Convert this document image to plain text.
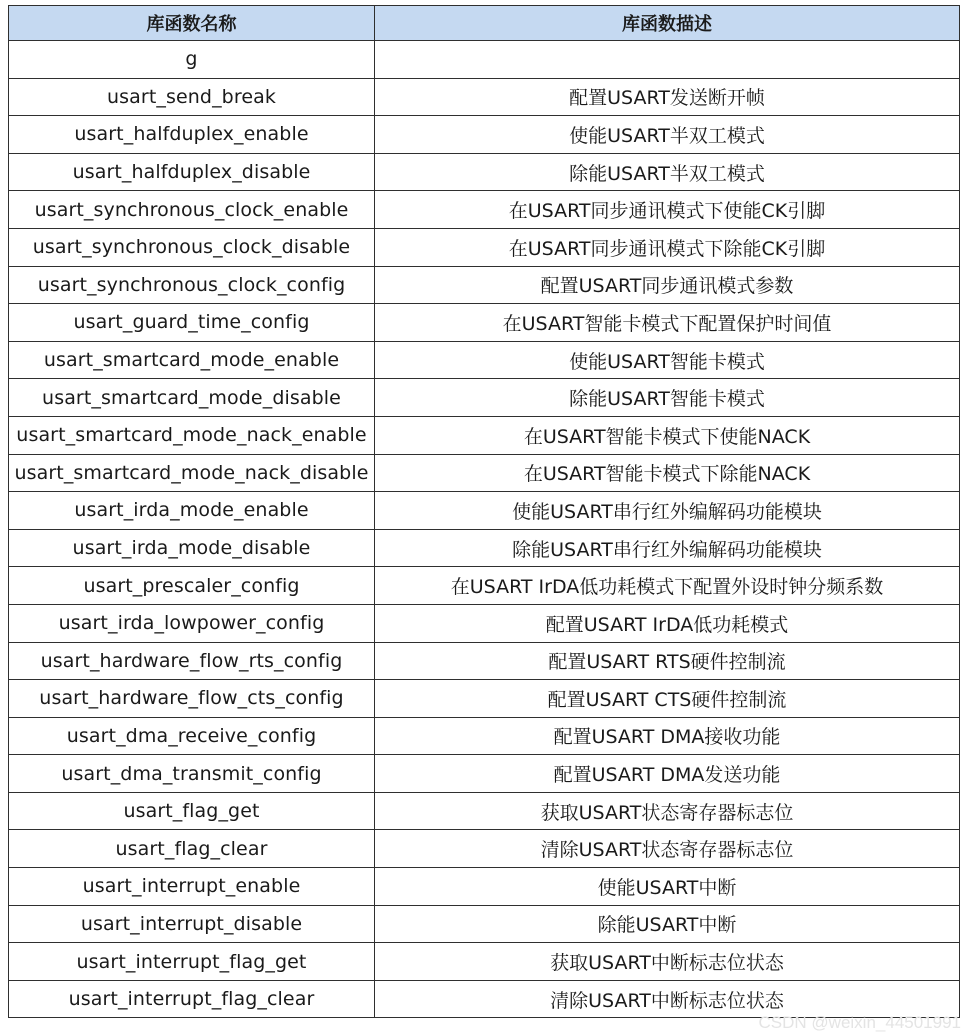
库函数名称	库函数描述
g	
usart_send_break	配置USART发送断开帧
usart_halfduplex_enable	使能USART半双工模式
usart_halfduplex_disable	除能USART半双工模式
usart_synchronous_clock_enable	在USART同步通讯模式下使能CK引脚
usart_synchronous_clock_disable	在USART同步通讯模式下除能CK引脚
usart_synchronous_clock_config	配置USART同步通讯模式参数
usart_guard_time_config	在USART智能卡模式下配置保护时间值
usart_smartcard_mode_enable	使能USART智能卡模式
usart_smartcard_mode_disable	除能USART智能卡模式
usart_smartcard_mode_nack_enable	在USART智能卡模式下使能NACK
usart_smartcard_mode_nack_disable	在USART智能卡模式下除能NACK
usart_irda_mode_enable	使能USART串行红外编解码功能模块
usart_irda_mode_disable	除能USART串行红外编解码功能模块
usart_prescaler_config	在USART IrDA低功耗模式下配置外设时钟分频系数
usart_irda_lowpower_config	配置USART IrDA低功耗模式
usart_hardware_flow_rts_config	配置USART RTS硬件控制流
usart_hardware_flow_cts_config	配置USART CTS硬件控制流
usart_dma_receive_config	配置USART DMA接收功能
usart_dma_transmit_config	配置USART DMA发送功能
usart_flag_get	获取USART状态寄存器标志位
usart_flag_clear	清除USART状态寄存器标志位
usart_interrupt_enable	使能USART中断
usart_interrupt_disable	除能USART中断
usart_interrupt_flag_get	获取USART中断标志位状态
usart_interrupt_flag_clear	清除USART中断标志位状态
CSDN @weixin_44501991
